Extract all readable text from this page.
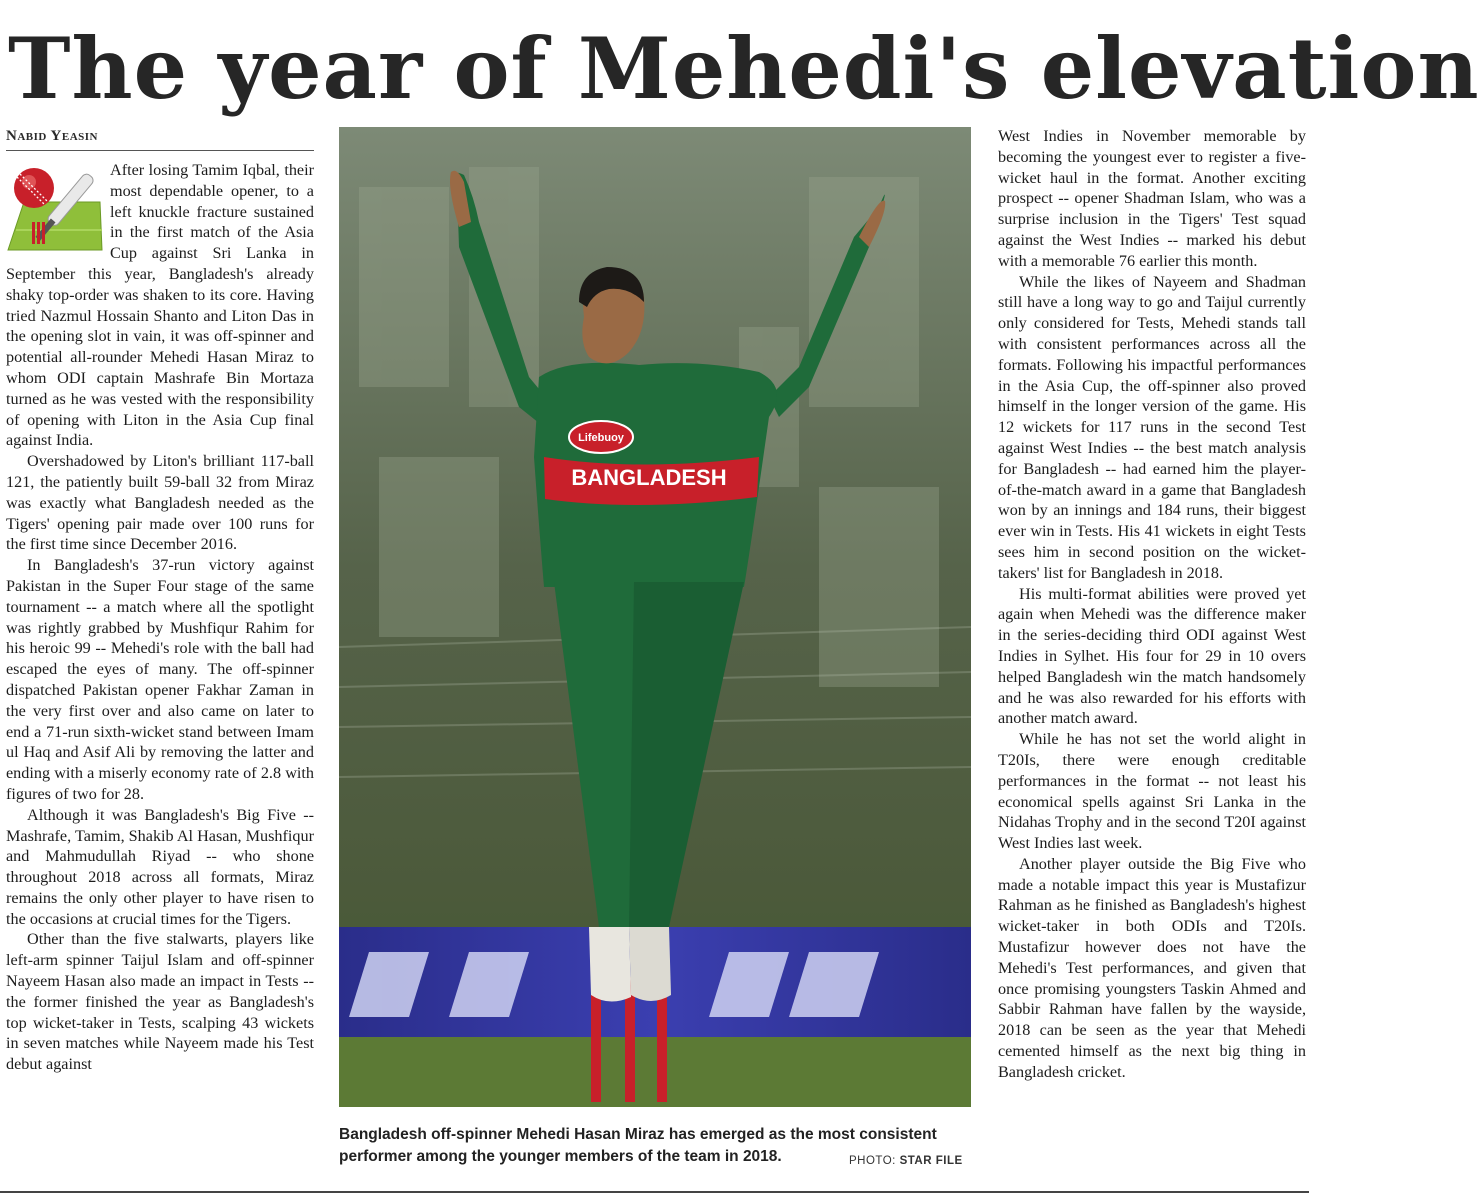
The year of Mehedi's elevation
Nabid Yeasin

After losing Tamim Iqbal, their most dependable opener, to a left knuckle fracture sustained in the first match of the Asia Cup against Sri Lanka in September this year, Bangladesh's already shaky top-order was shaken to its core. Having tried Nazmul Hossain Shanto and Liton Das in the opening slot in vain, it was off-spinner and potential all-rounder Mehedi Hasan Miraz to whom ODI captain Mashrafe Bin Mortaza turned as he was vested with the responsibility of opening with Liton in the Asia Cup final against India.

Overshadowed by Liton's brilliant 117-ball 121, the patiently built 59-ball 32 from Miraz was exactly what Bangladesh needed as the Tigers' opening pair made over 100 runs for the first time since December 2016.

In Bangladesh's 37-run victory against Pakistan in the Super Four stage of the same tournament -- a match where all the spotlight was rightly grabbed by Mushfiqur Rahim for his heroic 99 -- Mehedi's role with the ball had escaped the eyes of many. The off-spinner dispatched Pakistan opener Fakhar Zaman in the very first over and also came on later to end a 71-run sixth-wicket stand between Imam ul Haq and Asif Ali by removing the latter and ending with a miserly economy rate of 2.8 with figures of two for 28.

Although it was Bangladesh's Big Five -- Mashrafe, Tamim, Shakib Al Hasan, Mushfiqur and Mahmudullah Riyad -- who shone throughout 2018 across all formats, Miraz remains the only other player to have risen to the occasions at crucial times for the Tigers.

Other than the five stalwarts, players like left-arm spinner Taijul Islam and off-spinner Nayeem Hasan also made an impact in Tests -- the former finished the year as Bangladesh's top wicket-taker in Tests, scalping 43 wickets in seven matches while Nayeem made his Test debut against

Lifebuoy
BANGLADESH
Bangladesh off-spinner Mehedi Hasan Miraz has emerged as the most consistent performer among the younger members of the team in 2018.	PHOTO: STAR FILE

West Indies in November memorable by becoming the youngest ever to register a five-wicket haul in the format. Another exciting prospect -- opener Shadman Islam, who was a surprise inclusion in the Tigers' Test squad against the West Indies -- marked his debut with a memorable 76 earlier this month.

While the likes of Nayeem and Shadman still have a long way to go and Taijul currently only considered for Tests, Mehedi stands tall with consistent performances across all the formats. Following his impactful performances in the Asia Cup, the off-spinner also proved himself in the longer version of the game. His 12 wickets for 117 runs in the second Test against West Indies -- the best match analysis for Bangladesh -- had earned him the player-of-the-match award in a game that Bangladesh won by an innings and 184 runs, their biggest ever win in Tests. His 41 wickets in eight Tests sees him in second position on the wicket-takers' list for Bangladesh in 2018.

His multi-format abilities were proved yet again when Mehedi was the difference maker in the series-deciding third ODI against West Indies in Sylhet. His four for 29 in 10 overs helped Bangladesh win the match handsomely and he was also rewarded for his efforts with another match award.

While he has not set the world alight in T20Is, there were enough creditable performances in the format -- not least his economical spells against Sri Lanka in the Nidahas Trophy and in the second T20I against West Indies last week.

Another player outside the Big Five who made a notable impact this year is Mustafizur Rahman as he finished as Bangladesh's highest wicket-taker in both ODIs and T20Is. Mustafizur however does not have the Mehedi's Test performances, and given that once promising youngsters Taskin Ahmed and Sabbir Rahman have fallen by the wayside, 2018 can be seen as the year that Mehedi cemented himself as the next big thing in Bangladesh cricket.
